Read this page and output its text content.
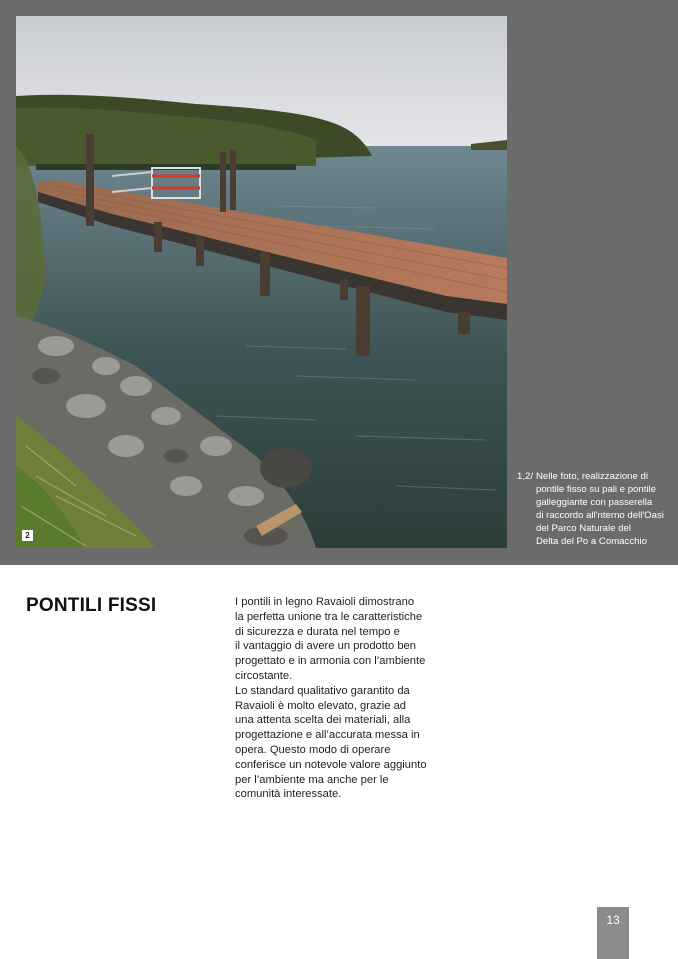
2
1,2/ Nelle foto, realizzazione di
pontile fisso su pali e pontile
galleggiante con passerella
di raccordo all'nterno dell'Oasi
del Parco Naturale del
Delta del Po a Comacchio
PONTILI FISSI	I pontili in legno Ravaioli dimostrano
la perfetta unione tra le caratteristiche
di sicurezza e durata nel tempo e
il vantaggio di avere un prodotto ben
progettato e in armonia con l’ambiente
circostante.
Lo standard qualitativo garantito da
Ravaioli è molto elevato, grazie ad
una attenta scelta dei materiali, alla
progettazione e all’accurata messa in
opera. Questo modo di operare
conferisce un notevole valore aggiunto
per l’ambiente ma anche per le
comunità interessate.
13
